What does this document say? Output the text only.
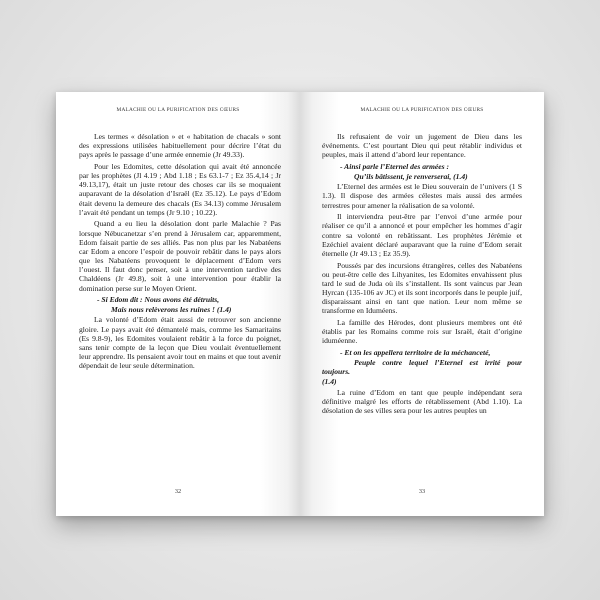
MALACHIE OU LA PURIFICATION DES CŒURS

Les termes « désolation » et « habitation de chacals » sont des expressions utilisées habituellement pour décrire l’état du pays après le passage d’une armée ennemie (Jr 49.33).

Pour les Edomites, cette désolation qui avait été annoncée par les prophètes (Jl 4.19 ; Abd 1.18 ; Es 63.1-7 ; Ez 35.4,14 ; Jr 49.13,17), était un juste retour des choses car ils se moquaient auparavant de la désolation d’Israël (Ez 35.12). Le pays d’Edom était devenu la demeure des chacals (Es 34.13) comme Jérusalem l’avait été pendant un temps (Jr 9.10 ; 10.22).

Quand a eu lieu la désolation dont parle Malachie ? Pas lorsque Nébucanetzar s’en prend à Jérusalem car, apparemment, Edom faisait partie de ses alliés. Pas non plus par les Nabatéens car Edom a encore l’espoir de pouvoir rebâtir dans le pays alors que les Nabatéens provoquent le déplacement d’Edom vers l’ouest. Il faut donc penser, soit à une intervention tardive des Chaldéens (Jr 49.8), soit à une intervention pour établir la domination perse sur le Moyen Orient.

- Si Edom dit : Nous avons été détruits,

Mais nous relèverons les ruines ! (1.4)

La volonté d’Edom était aussi de retrouver son ancienne gloire. Le pays avait été démantelé mais, comme les Samaritains (Es 9.8-9), les Edomites voulaient rebâtir à la force du poignet, sans tenir compte de la leçon que Dieu voulait éventuellement leur apprendre. Ils pensaient avoir tout en mains et que tout avenir dépendait de leur seule détermination.

32
MALACHIE OU LA PURIFICATION DES CŒURS

Ils refusaient de voir un jugement de Dieu dans les événements. C’est pourtant Dieu qui peut rétablir individus et peuples, mais il attend d’abord leur repentance.

- Ainsi parle l’Eternel des armées :

Qu’ils bâtissent, je renverserai, (1.4)

L’Eternel des armées est le Dieu souverain de l’univers (1 S 1.3). Il dispose des armées célestes mais aussi des armées terrestres pour amener la réalisation de sa volonté.

Il interviendra peut-être par l’envoi d’une armée pour réaliser ce qu’il a annoncé et pour empêcher les hommes d’agir contre sa volonté en rebâtissant. Les prophètes Jérémie et Ezéchiel avaient déclaré auparavant que la ruine d’Edom serait éternelle (Jr 49.13 ; Ez 35.9).

Poussés par des incursions étrangères, celles des Nabatéens ou peut-être celle des Lihyanites, les Edomites envahissent plus tard le sud de Juda où ils s’installent. Ils sont vaincus par Jean Hyrcan (135-106 av JC) et ils sont incorporés dans le peuple juif, disparaissant ainsi en tant que nation. Leur nom même se transforme en Iduméens.

La famille des Hérodes, dont plusieurs membres ont été établis par les Romains comme rois sur Israël, était d’origine iduméenne.

- Et on les appellera territoire de la méchanceté,

Peuple contre lequel l’Eternel est irrité pour toujours.

(1.4)

La ruine d’Edom en tant que peuple indépendant sera définitive malgré les efforts de rétablissement (Abd 1.10). La désolation de ses villes sera pour les autres peuples un

33
